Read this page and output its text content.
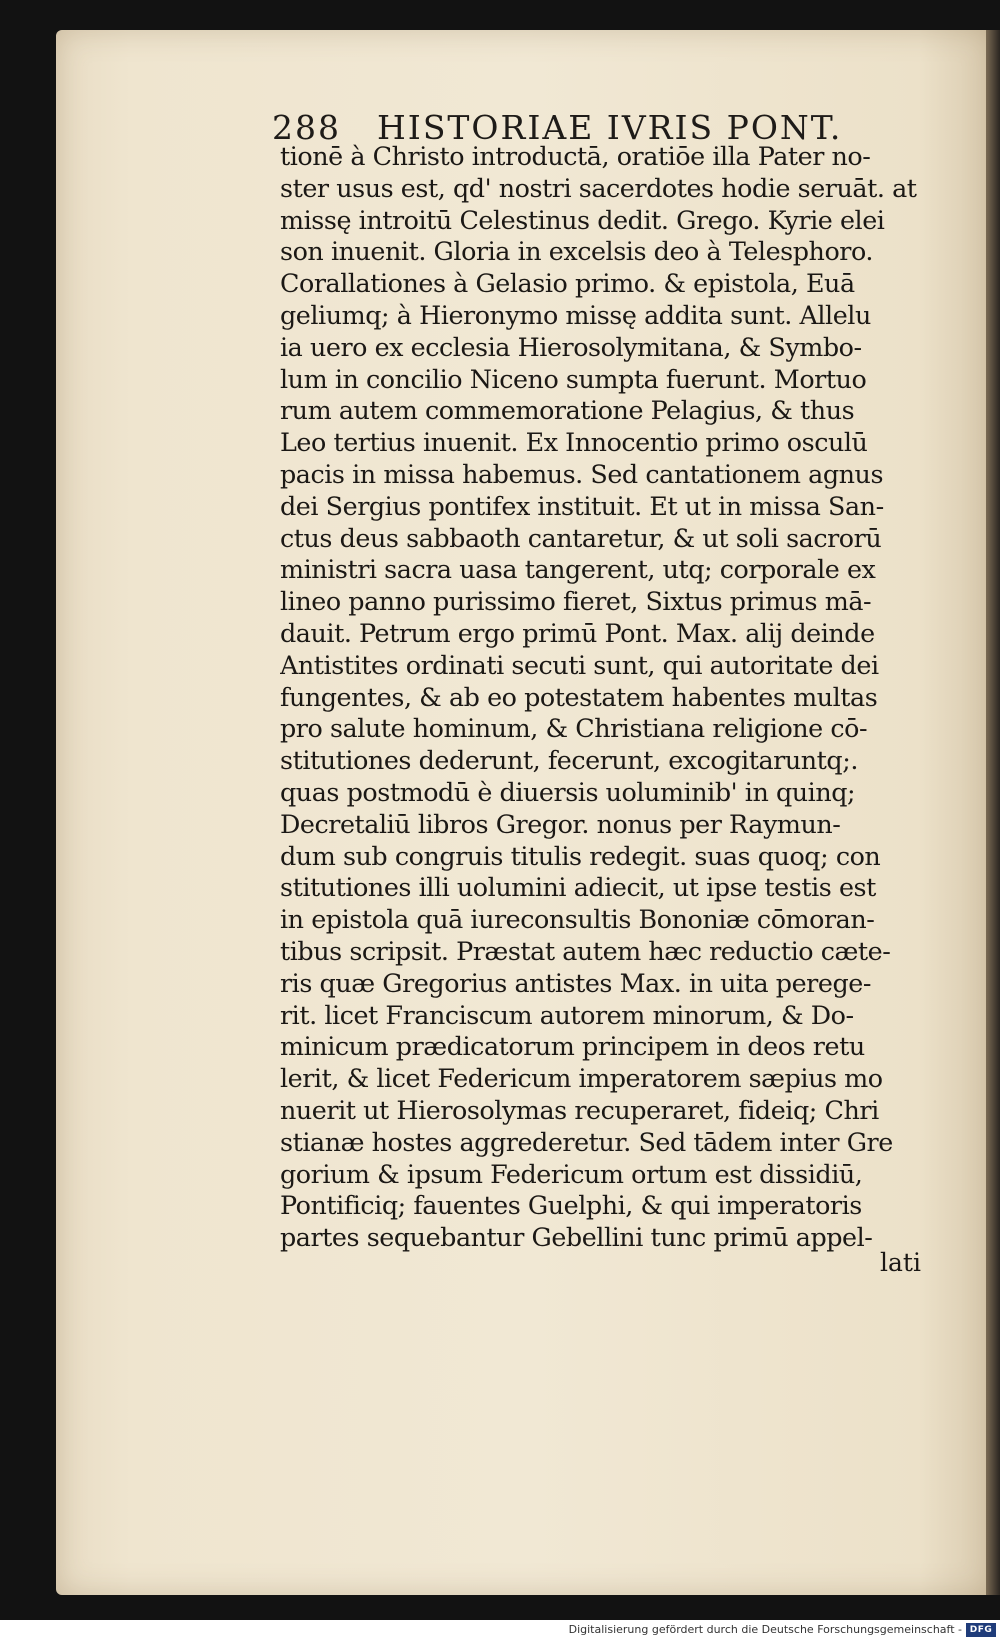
288 HISTORIAE IVRIS PONT.
tionē à Christo introductā, oratiōe illa Pater no-
ster usus est, qd' nostri sacerdotes hodie seruāt. at
missę introitū Celestinus dedit. Grego. Kyrie elei
son inuenit. Gloria in excelsis deo à Telesphoro.
Corallationes à Gelasio primo. & epistola, Euā
geliumq; à Hieronymo missę addita sunt. Allelu
ia uero ex ecclesia Hierosolymitana, & Symbo-
lum in concilio Niceno sumpta fuerunt. Mortuo
rum autem commemoratione Pelagius, & thus
Leo tertius inuenit. Ex Innocentio primo osculū
pacis in missa habemus. Sed cantationem agnus
dei Sergius pontifex instituit. Et ut in missa San-
ctus deus sabbaoth cantaretur, & ut soli sacrorū
ministri sacra uasa tangerent, utq; corporale ex
lineo panno purissimo fieret, Sixtus primus mā-
dauit. Petrum ergo primū Pont. Max. alij deinde
Antistites ordinati secuti sunt, qui autoritate dei
fungentes, & ab eo potestatem habentes multas
pro salute hominum, & Christiana religione cō-
stitutiones dederunt, fecerunt, excogitaruntq;.
quas postmodū è diuersis uoluminib' in quinq;
Decretaliū libros Gregor. nonus per Raymun-
dum sub congruis titulis redegit. suas quoq; con
stitutiones illi uolumini adiecit, ut ipse testis est
in epistola quā iureconsultis Bononiæ cōmoran-
tibus scripsit. Præstat autem hæc reductio cæte-
ris quæ Gregorius antistes Max. in uita perege-
rit. licet Franciscum autorem minorum, & Do-
minicum prædicatorum principem in deos retu
lerit, & licet Federicum imperatorem sæpius mo
nuerit ut Hierosolymas recuperaret, fideiq; Chri
stianæ hostes aggrederetur. Sed tādem inter Gre
gorium & ipsum Federicum ortum est dissidiū,
Pontificiq; fauentes Guelphi, & qui imperatoris
partes sequebantur Gebellini tunc primū appel-
lati
Digitalisierung gefördert durch die Deutsche Forschungsgemeinschaft - DFG
